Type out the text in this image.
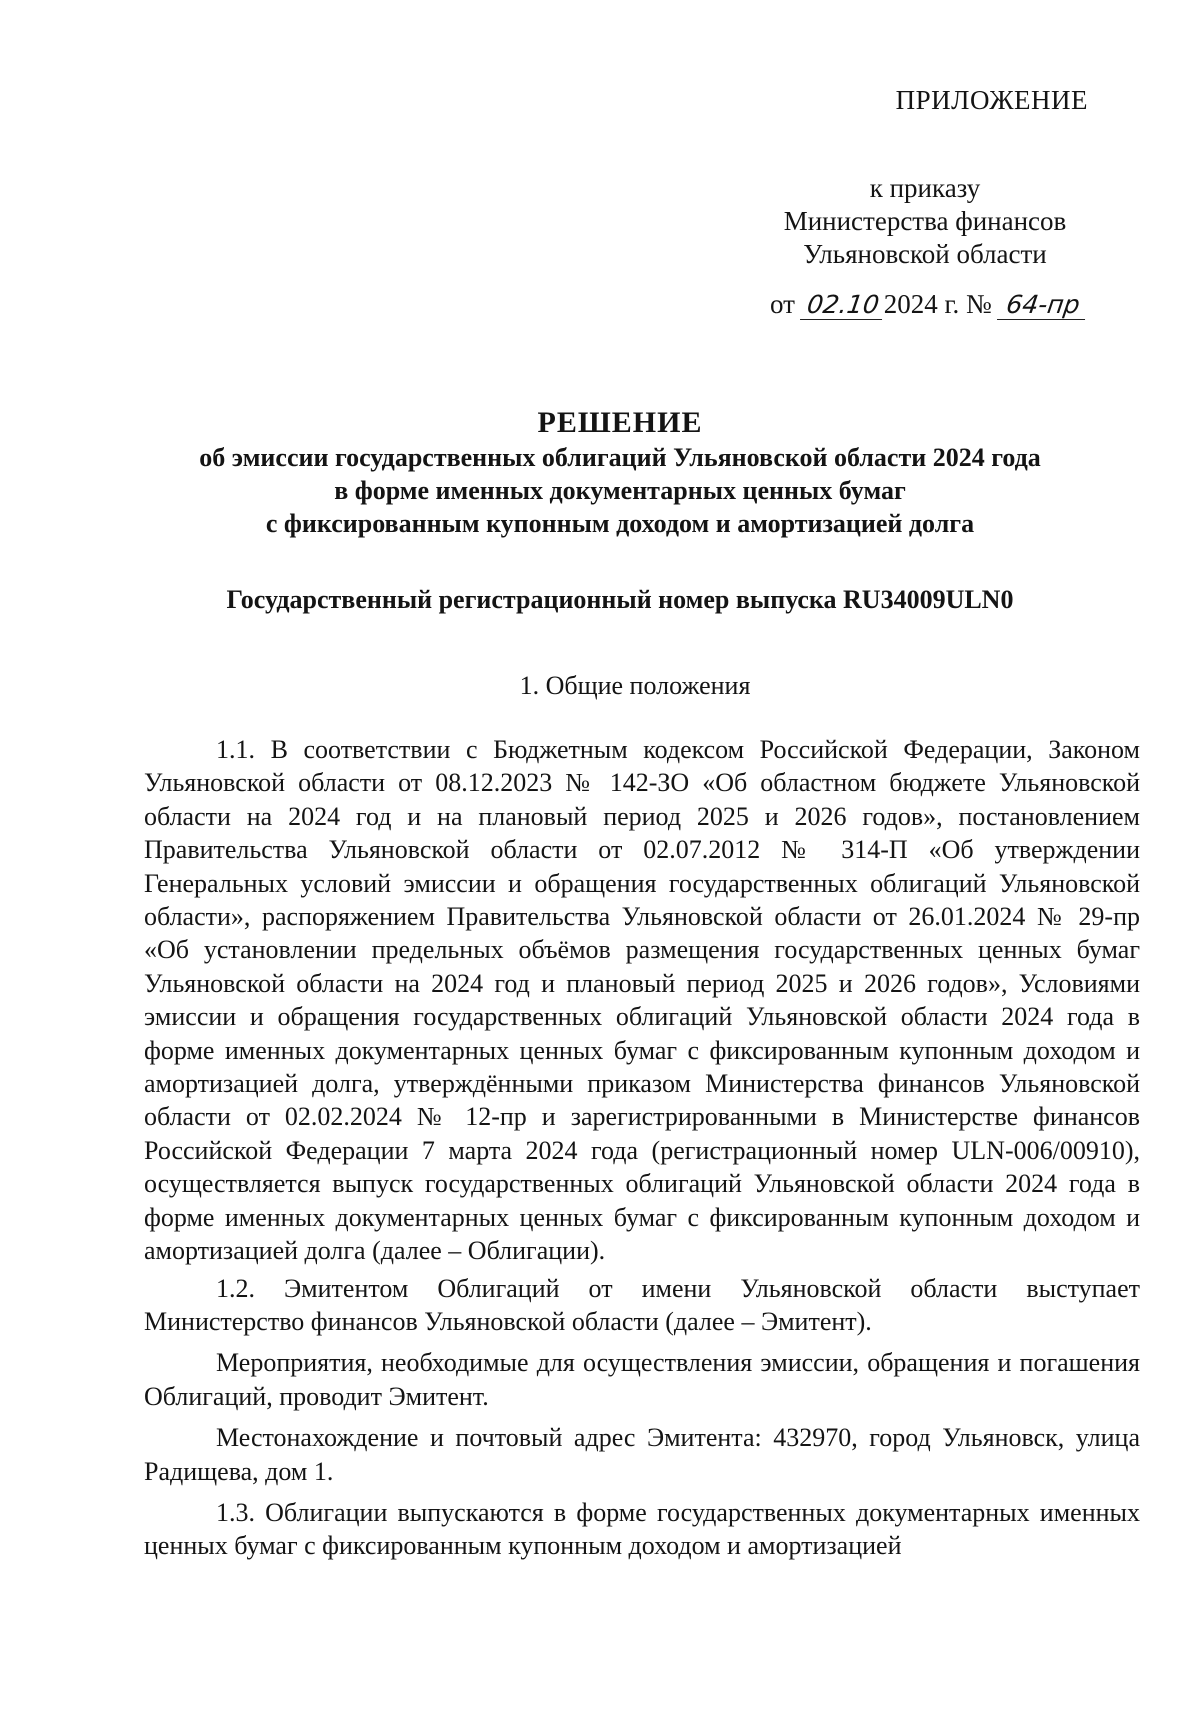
ПРИЛОЖЕНИЕ
к приказу
Министерства финансов
Ульяновской области
от 02.10 2024 г. № 64-пр
РЕШЕНИЕ
об эмиссии государственных облигаций Ульяновской области 2024 года
в форме именных документарных ценных бумаг
с фиксированным купонным доходом и амортизацией долга
Государственный регистрационный номер выпуска RU34009ULN0
1. Общие положения

1.1. В соответствии с Бюджетным кодексом Российской Федерации, Законом Ульяновской области от 08.12.2023 № 142-ЗО «Об областном бюджете Ульяновской области на 2024 год и на плановый период 2025 и 2026 годов», постановлением Правительства Ульяновской области от 02.07.2012 № 314-П «Об утверждении Генеральных условий эмиссии и обращения государственных облигаций Ульяновской области», распоряжением Правительства Ульяновской области от 26.01.2024 № 29-пр «Об установлении предельных объёмов размещения государственных ценных бумаг Ульяновской области на 2024 год и плановый период 2025 и 2026 годов», Условиями эмиссии и обращения государственных облигаций Ульяновской области 2024 года в форме именных документарных ценных бумаг с фиксированным купонным доходом и амортизацией долга, утверждёнными приказом Министерства финансов Ульяновской области от 02.02.2024 № 12-пр и зарегистрированными в Министерстве финансов Российской Федерации 7 марта 2024 года (регистрационный номер ULN-006/00910), осуществляется выпуск государственных облигаций Ульяновской области 2024 года в форме именных документарных ценных бумаг с фиксированным купонным доходом и амортизацией долга (далее – Облигации).

1.2. Эмитентом Облигаций от имени Ульяновской области выступает Министерство финансов Ульяновской области (далее – Эмитент).

Мероприятия, необходимые для осуществления эмиссии, обращения и погашения Облигаций, проводит Эмитент.

Местонахождение и почтовый адрес Эмитента: 432970, город Ульяновск, улица Радищева, дом 1.

1.3. Облигации выпускаются в форме государственных документарных именных ценных бумаг с фиксированным купонным доходом и амортизацией
